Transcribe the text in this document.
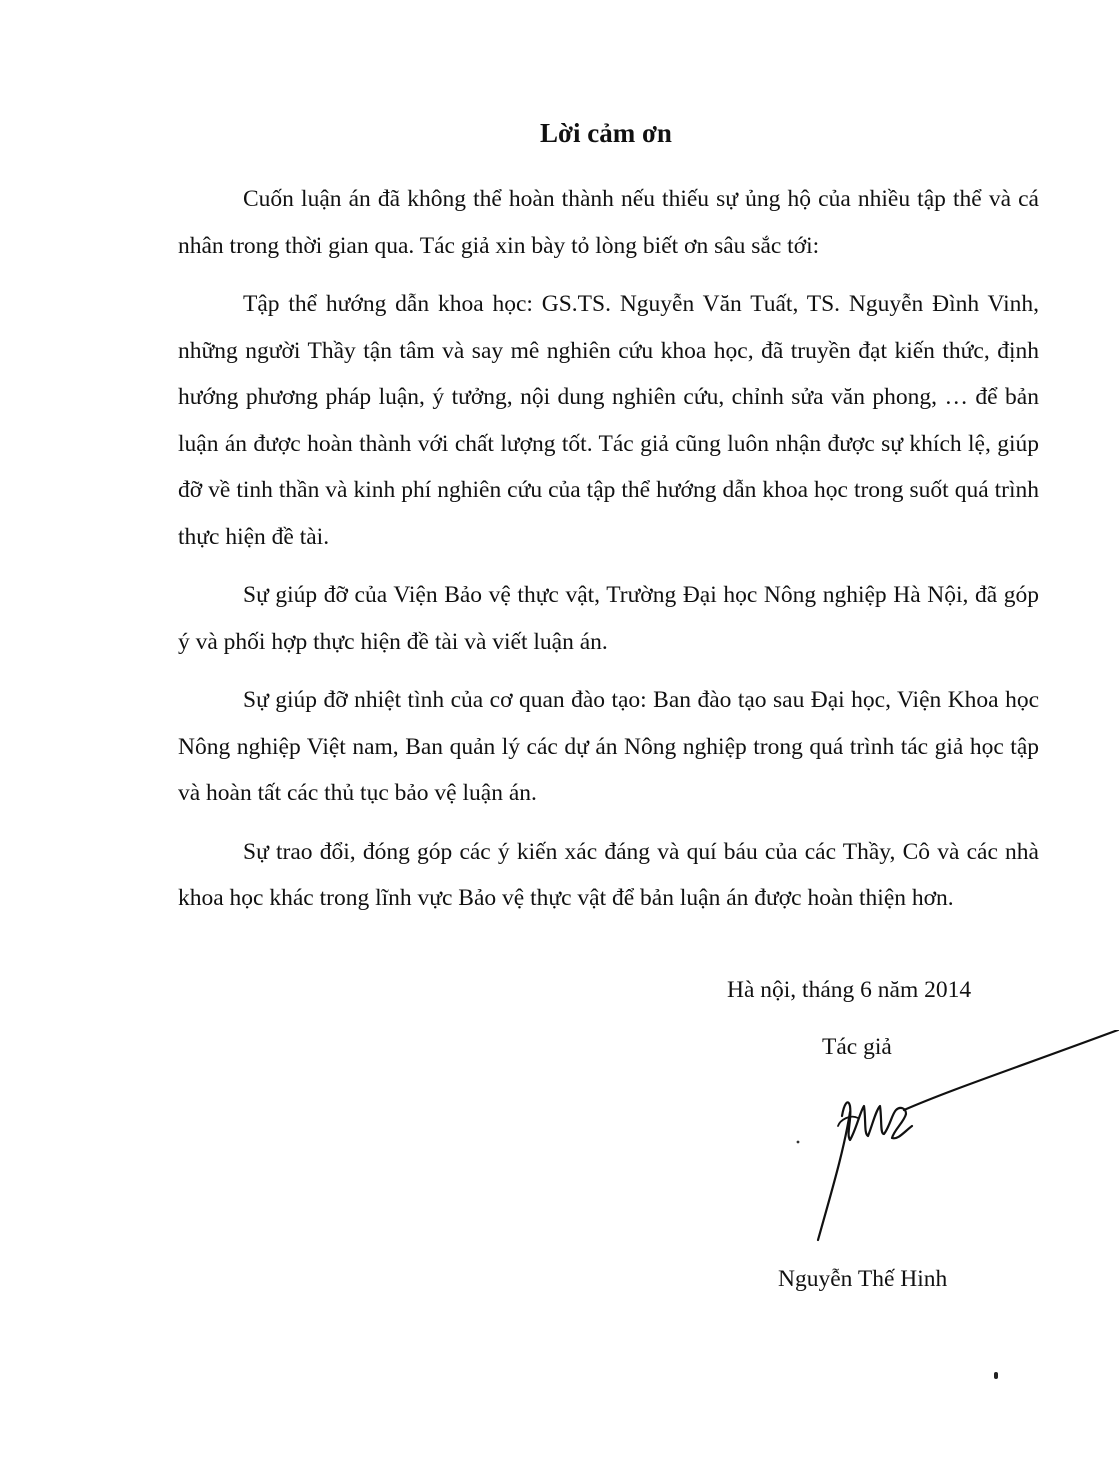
Lời cảm ơn

Cuốn luận án đã không thể hoàn thành nếu thiếu sự ủng hộ của nhiều tập thể và cá nhân trong thời gian qua. Tác giả xin bày tỏ lòng biết ơn sâu sắc tới:

Tập thể hướng dẫn khoa học: GS.TS. Nguyễn Văn Tuất, TS. Nguyễn Đình Vinh, những người Thầy tận tâm và say mê nghiên cứu khoa học, đã truyền đạt kiến thức, định hướng phương pháp luận, ý tưởng, nội dung nghiên cứu, chỉnh sửa văn phong, … để bản luận án được hoàn thành với chất lượng tốt. Tác giả cũng luôn nhận được sự khích lệ, giúp đỡ về tinh thần và kinh phí nghiên cứu của tập thể hướng dẫn khoa học trong suốt quá trình thực hiện đề tài.

Sự giúp đỡ của Viện Bảo vệ thực vật, Trường Đại học Nông nghiệp Hà Nội, đã góp ý và phối hợp thực hiện đề tài và viết luận án.

Sự giúp đỡ nhiệt tình của cơ quan đào tạo: Ban đào tạo sau Đại học, Viện Khoa học Nông nghiệp Việt nam, Ban quản lý các dự án Nông nghiệp trong quá trình tác giả học tập và hoàn tất các thủ tục bảo vệ luận án.

Sự trao đổi, đóng góp các ý kiến xác đáng và quí báu của các Thầy, Cô và các nhà khoa học khác trong lĩnh vực Bảo vệ thực vật để bản luận án được hoàn thiện hơn.

Hà nội, tháng 6 năm 2014
Tác giả
Nguyễn Thế Hinh
